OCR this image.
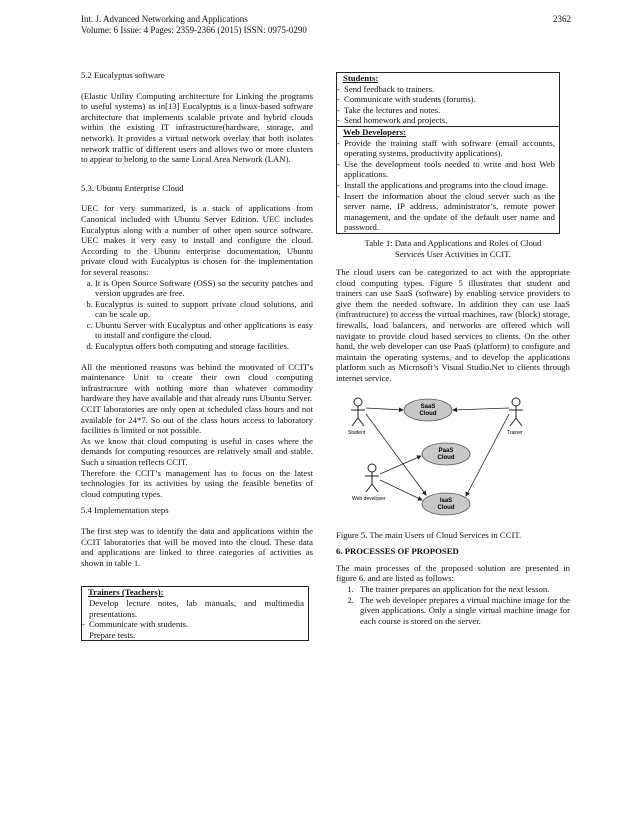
Int. J. Advanced Networking and Applications
Volume: 6 Issue: 4 Pages: 2359-2366 (2015) ISSN: 0975-0290
2362
5.2 Eucalyptus software

(Elastic Utility Computing architecture for Linking the programs to useful systems) as in[13] Eucalyptus is a linux-based software architecture that implements scalable private and hybrid clouds within the existing IT infrastructure(hardware, storage, and network). It provides a virtual network overlay that both isolates network traffic of different users and allows two or more clusters to appear to belong to the same Local Area Network (LAN).

5.3. Ubuntu Enterprise Cloud

UEC for very summarized, is a stack of applications from Canonical included with Ubuntu Server Edition. UEC includes Eucalyptus along with a number of other open source software. UEC makes it very easy to install and configure the cloud. According to the Ubuntu enterprise documentation, Ubuntu private cloud with Eucalyptus is chosen for the implementation for several reasons:

a. It is Open Source Software (OSS) so the security patches and version upgrades are free.
b. Eucalyptus is suited to support private cloud solutions, and can be scale up.
c. Ubuntu Server with Eucalyptus and other applications is easy to install and configure the cloud.
d. Eucalyptus offers both computing and storage facilities.

All the mentioned reasons was behind the motivated of CCIT's maintenance Unit to create their own cloud computing infrastructure with nothing more than whatever commodity hardware they have available and that already runs Ubuntu Server.

CCIT laboratories are only open at scheduled class hours and not available for 24*7. So out of the class hours access to laboratory facilities is limited or not possible.

As we know that cloud computing is useful in cases where the demands for computing resources are relatively small and stable. Such a situation reflects CCIT.

Therefore the CCIT’s management has to focus on the latest technologies for its activities by using the feasible benefits of cloud computing types.

5.4 Implementation steps

The first step was to identify the data and applications within the CCIT laboratories that will be moved into the cloud. These data and applications are linked to three categories of activities as shown in table 1.

Trainers (Teachers):
Develop lecture notes, lab manuals, and multimedia presentations.
- Communicate with students.
Prepare tests.
Students:
- Send feedback to trainers.
- Communicate with students (forums).
- Take the lectures and notes.
- Send homework and projects.
Web Developers:
- Provide the training staff with software (email accounts, operating systems, productivity applications).
- Use the development tools needed to write and host Web applications.
- Install the applications and programs into the cloud image.
- Insert the information about the cloud server such as the server name, IP address, administrator’s, remote power management, and the update of the default user name and password.
Table 1: Data and Applications and Roles of Cloud Services User Activities in CCIT.

The cloud users can be categorized to act with the appropriate cloud computing types. Figure 5 illustrates that student and trainers can use SaaS (software) by enabling service providers to give them the needed software. In addition they can use IaaS (infrastructure) to access the virtual machines, raw (block) storage, firewalls, load balancers, and networks are offered which will navigate to provide cloud based services to clients. On the other hand, the web developer can use PaaS (platform) to configure and maintain the operating systems, and to develop the applications platform such as Microsoft’s Visual Studio.Net to clients through internet service.

Student	Trainer
Web developer
SaaS
Cloud
PaaS
Cloud
IaaS
Cloud
Figure 5. The main Users of Cloud Services in CCIT.
6. PROCESSES OF PROPOSED

The main processes of the proposed solution are presented in figure 6. and are listed as follows:

1. The trainer prepares an application for the next lesson.
2. The web developer prepares a virtual machine image for the given applications. Only a single virtual machine image for each course is stored on the server.
